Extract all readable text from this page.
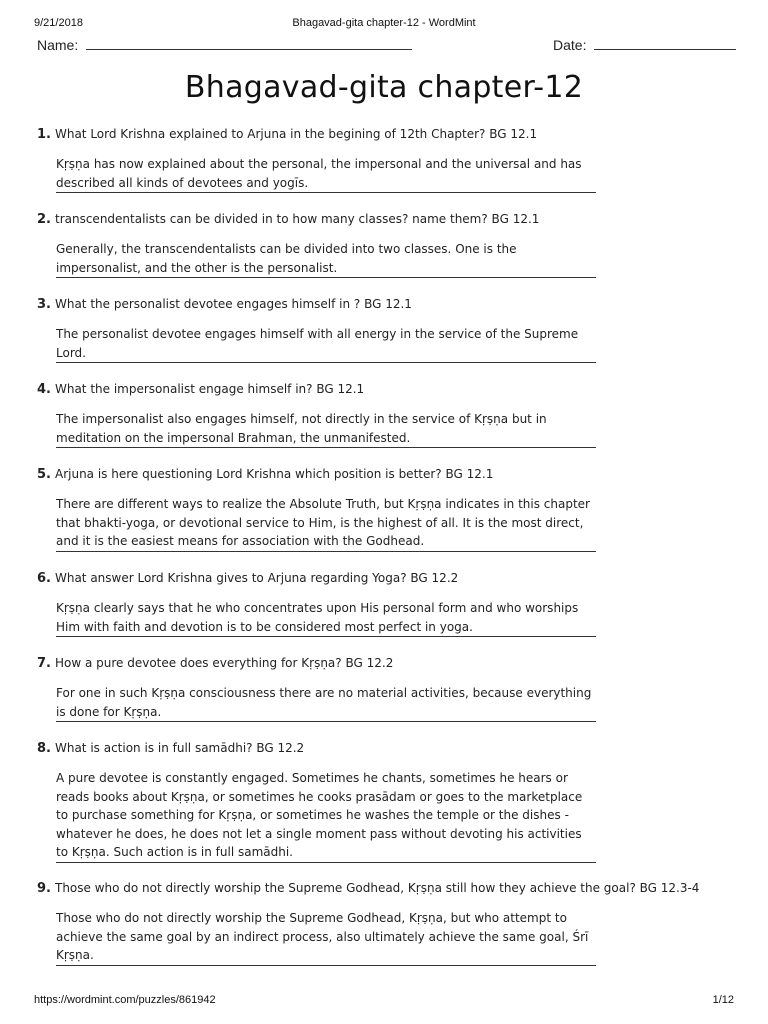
9/21/2018	Bhagavad-gita chapter-12 - WordMint
Name:	Date:
Bhagavad-gita chapter-12
1. What Lord Krishna explained to Arjuna in the begining of 12th Chapter? BG 12.1
Kṛṣṇa has now explained about the personal, the impersonal and the universal and has described all kinds of devotees and yogīs.
2. transcendentalists can be divided in to how many classes? name them? BG 12.1
Generally, the transcendentalists can be divided into two classes. One is the impersonalist, and the other is the personalist.
3. What the personalist devotee engages himself in ? BG 12.1
The personalist devotee engages himself with all energy in the service of the Supreme Lord.
4. What the impersonalist engage himself in? BG 12.1
The impersonalist also engages himself, not directly in the service of Kṛṣṇa but in meditation on the impersonal Brahman, the unmanifested.
5. Arjuna is here questioning Lord Krishna which position is better? BG 12.1
There are different ways to realize the Absolute Truth, but Kṛṣṇa indicates in this chapter that bhakti-yoga, or devotional service to Him, is the highest of all. It is the most direct, and it is the easiest means for association with the Godhead.
6. What answer Lord Krishna gives to Arjuna regarding Yoga? BG 12.2
Kṛṣṇa clearly says that he who concentrates upon His personal form and who worships Him with faith and devotion is to be considered most perfect in yoga.
7. How a pure devotee does everything for Kṛṣṇa? BG 12.2
For one in such Kṛṣṇa consciousness there are no material activities, because everything is done for Kṛṣṇa.
8. What is action is in full samādhi? BG 12.2
A pure devotee is constantly engaged. Sometimes he chants, sometimes he hears or reads books about Kṛṣṇa, or sometimes he cooks prasādam or goes to the marketplace to purchase something for Kṛṣṇa, or sometimes he washes the temple or the dishes - whatever he does, he does not let a single moment pass without devoting his activities to Kṛṣṇa. Such action is in full samādhi.
9. Those who do not directly worship the Supreme Godhead, Kṛṣṇa still how they achieve the goal? BG 12.3-4
Those who do not directly worship the Supreme Godhead, Kṛṣṇa, but who attempt to achieve the same goal by an indirect process, also ultimately achieve the same goal, Śrī Kṛṣṇa.
https://wordmint.com/puzzles/861942	1/12
